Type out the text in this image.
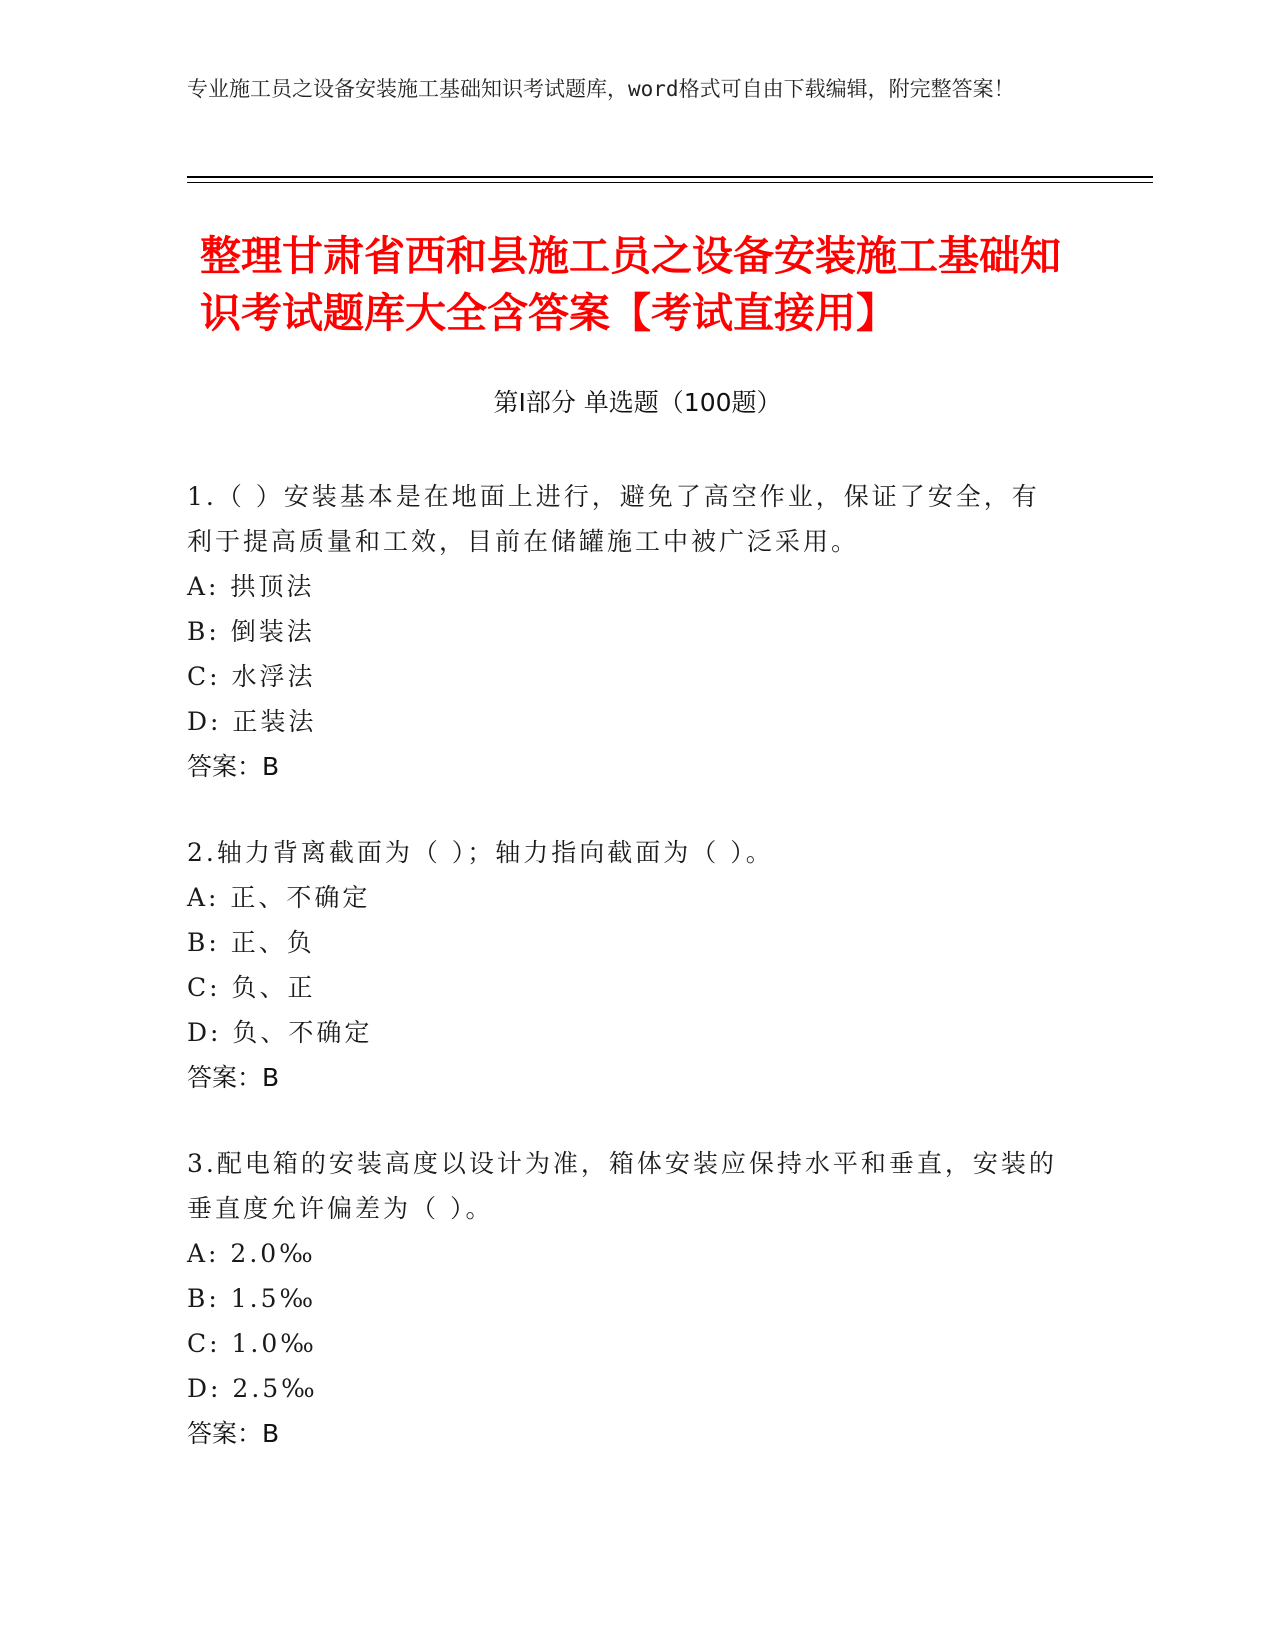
专业施工员之设备安装施工基础知识考试题库，word格式可自由下载编辑，附完整答案！
整理甘肃省西和县施工员之设备安装施工基础知识考试题库大全含答案【考试直接用】
第Ⅰ部分 单选题（100题）
1.（ ）安装基本是在地面上进行，避免了高空作业，保证了安全，有利于提高质量和工效，目前在储罐施工中被广泛采用。
A: 拱顶法
B: 倒装法
C: 水浮法
D: 正装法
答案：B
2.轴力背离截面为（ ）；轴力指向截面为（ ）。
A: 正、不确定
B: 正、负
C: 负、正
D: 负、不确定
答案：B
3.配电箱的安装高度以设计为准，箱体安装应保持水平和垂直，安装的垂直度允许偏差为（ ）。
A: 2.0‰
B: 1.5‰
C: 1.0‰
D: 2.5‰
答案：B
